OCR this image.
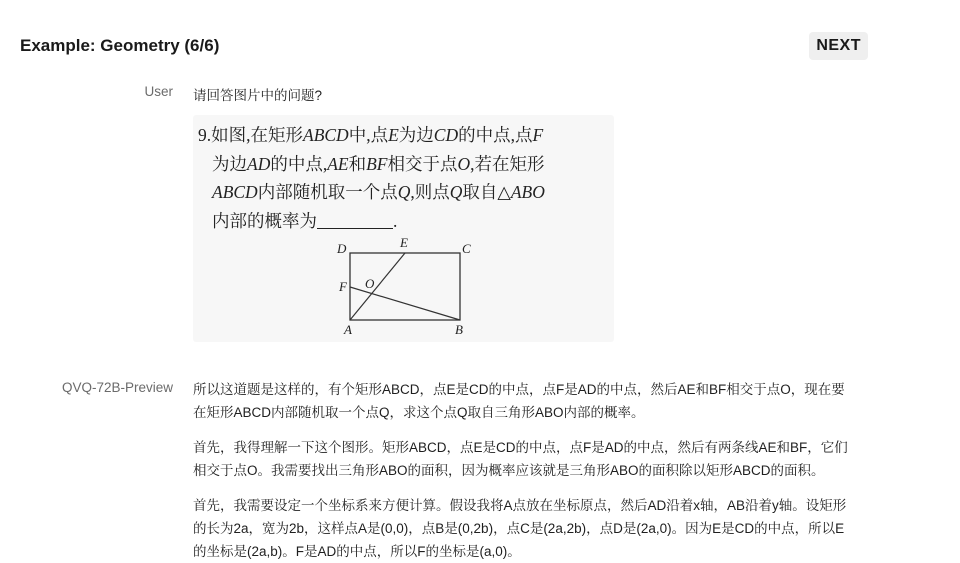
Example: Geometry (6/6)	NEXT
User 请回答图片中的问题?
9.如图,在矩形ABCD中,点E为边CD的中点,点F
为边AD的中点,AE和BF相交于点O,若在矩形
ABCD内部随机取一个点Q,则点Q取自△ABO
内部的概率为	.
D	E	C
F O
A	B
QVQ-72B-Preview 所以这道题是这样的，有个矩形ABCD，点E是CD的中点，点F是AD的中点，然后AE和BF相交于点O，现在要
在矩形ABCD内部随机取一个点Q，求这个点Q取自三角形ABO内部的概率。
首先，我得理解一下这个图形。矩形ABCD，点E是CD的中点，点F是AD的中点，然后有两条线AE和BF，它们
相交于点O。我需要找出三角形ABO的面积，因为概率应该就是三角形ABO的面积除以矩形ABCD的面积。
首先，我需要设定一个坐标系来方便计算。假设我将A点放在坐标原点，然后AD沿着x轴，AB沿着y轴。设矩形
的长为2a，宽为2b，这样点A是(0,0)，点B是(0,2b)，点C是(2a,2b)，点D是(2a,0)。因为E是CD的中点，所以E
的坐标是(2a,b)。F是AD的中点，所以F的坐标是(a,0)。
